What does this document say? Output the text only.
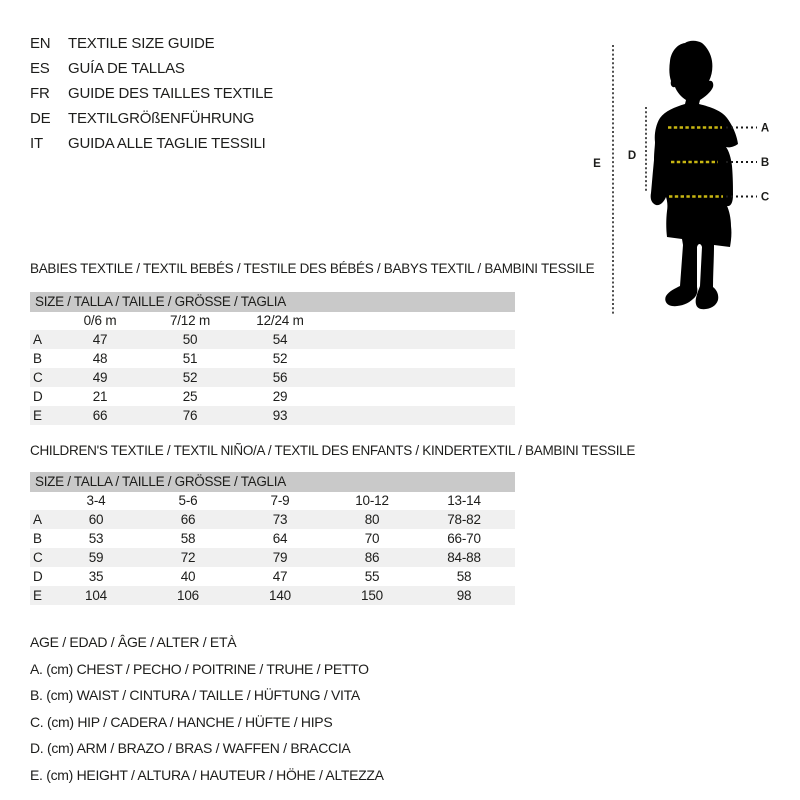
EN TEXTILE SIZE GUIDE
ES GUÍA DE TALLAS
FR GUIDE DES TAILLES TEXTILE
DE TEXTILGRÖßENFÜHRUNG
IT GUIDA ALLE TAGLIE TESSILI
A
B
C
D
E
BABIES TEXTILE / TEXTIL BEBÉS / TESTILE DES BÉBÉS / BABYS TEXTIL / BAMBINI TESSILE
SIZE / TALLA / TAILLE / GRÖSSE / TAGLIA
	0/6 m	7/12 m	12/24 m	
A	47	50	54	
B	48	51	52	
C	49	52	56	
D	21	25	29	
E	66	76	93	
CHILDREN'S TEXTILE / TEXTIL NIÑO/A / TEXTIL DES ENFANTS / KINDERTEXTIL / BAMBINI TESSILE
SIZE / TALLA / TAILLE / GRÖSSE / TAGLIA
	3-4	5-6	7-9	10-12	13-14	
A	60	66	73	80	78-82	
B	53	58	64	70	66-70	
C	59	72	79	86	84-88	
D	35	40	47	55	58	
E	104	106	140	150	98	
AGE / EDAD / ÂGE / ALTER / ETÀ
A. (cm) CHEST / PECHO / POITRINE / TRUHE / PETTO
B. (cm) WAIST / CINTURA / TAILLE / HÜFTUNG / VITA
C. (cm) HIP / CADERA / HANCHE / HÜFTE / HIPS
D. (cm) ARM / BRAZO / BRAS / WAFFEN / BRACCIA
E. (cm) HEIGHT / ALTURA / HAUTEUR / HÖHE / ALTEZZA
